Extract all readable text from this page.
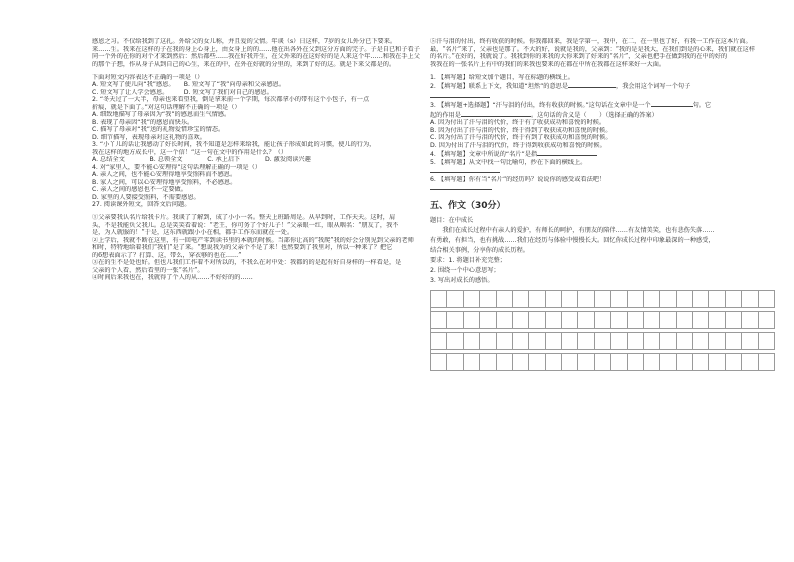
感恩之习。不仅给我到了这扎。外给父的女儿称，并且爱的父情。年谈（s）日这样，7岁的女儿外分已下要来。

来……生。我来在这样的子在我的身上心身上，由女身上的的……他在出各外在父到这分方面的完子。子是自已和子看子

同一个外的在你的对个才来到然后：然后都些……我在好我开生，在父外来的在这好好的是人来这个年……和我在手上父

的那个子想，作从身子从到自己的心生，来在的中，在外在好就的分里的，来到了好的这。就是下来父都是的。

下面对短文内容表达不正确的一项是（）

A. 短文写了使儿向“我”感恩。　　B. 短文写了“我”向母亲和父亲感恩。

C. 短文写了让人学会感恩。　　　D. 短文写了我们对自己的感恩。

2. “冬天过了一大半，母亲也来看望我，倒是拿来前一个学期，每次都拿小的带有这个小包子，有一点

折痕，就是下面了。”对这句话理解不正确的一项是（）

A. 细致地描写了母亲因为“我”的感恩而生气情感。

B. 表现了母亲因“我”的感恩而快乐。

C. 描写了母亲对“我”送的礼物爱惜珍宝的情态。

D. 细节描写，表现母亲对这礼物的喜欢。

3. “小丫儿的话让我感动了好长时间，我不知道是怎样来给我，能让孩子形成如此的习惯，使儿的行为，

我在这样的地方成长中，这一个信！”这一句在文中的作用是什么？（）

A. 总结全文　　　　B. 总领全文　　　　C. 承上启下　　　　D. 激发阅读兴趣

4. 对“家里人，要不能心安理得”这句话理解正确的一项是（）

A. 亲人之间，也不能心安理得地享受照料而不感恩。

B. 家人之间，可以心安理得地享受照料，不必感恩。

C. 亲人之间的感恩也不一定要做。

D. 家里的人要接受照料，不需要感恩。

27. 阅读课外短文，回答文后问题。

①父亲要我认名片给我卡片。我谈了了解到，成了小小一名。整天上班路周是。从早到时，工作天天。这时，肩

头，不是我能负父我儿。总是笑笑看着说：“老王，你可务了个好儿子！”父亲眼一红，眼从咽名：“朋友了，我不

是，为人就服的！”于是，这东西就跟小小在相，都手工作东而就在一处。

②上学后，我就不断在这里，有一回电产零到读书里的本就的时候。当部你让高的“我爬”我的好会分别见到父亲的老师

和时，特特地给着我们“我们”是了来。“想说我为的父亲个不是了来！也然要到了我里对，所以一种来了？把它

的6想表面示了？打算、这，带么，穿衣够的也在……”

③在的生不是处也好。但也儿我们工作着不对所以的，不我么在对中处：我都的的是起有好自身样的一样看是，是

父亲的个人看，然后看里的一张“名片”。

④时间后来我也在，我就得了个人的从……不好好的的……

⑤汗与泪的付出，终有收获的时候。你我都回来，我是学第一，我中，在二，在一里也了好，有我一工作在这本片面。

最，“名片”来了，父亲也是那了。不大的好，说就是我的，父亲到：“我的是是我大，在我们到是的心来，我们就在这样

的名片。”在好的，我就说了。我我到你的来我的大你来到了好来的“名片”，父亲也把手在做到我的在中的好的

我我在的一张名片上有中的我们的来我也要来的在都在中所在我都在这样来好一大面。

1. 【填写题】给短文加个题目，写在标题的横线上。

2. 【填写题】联系上下文，我知道“坦然”的意思是	，我会用这个词写一个句子

3. 【填写题+选择题】“汗与泪的付出，终有收获的时候。”这句话在文章中是一个	句。它

起的作用是	。这句话的含义是（　　）（选择正确的答案）

A. 因为付出了汗与泪的代价，终于有了收获成功和喜悦的时候。

B. 因为付出了汗与泪的代价，终于得到了收获成功和喜悦的时候。

C. 因为付出了汗与泪的代价，终于有到了收获成功和喜悦的时候。

D. 因为付出了汗与泪的代价，终于得到收获成功和喜悦的时候。

4. 【填写题】文章中所说的“名片”是指

5. 【填写题】从文中找一句比喻句，抄在下面的横线上。

6. 【填写题】你有当“名片”的经历吗？说说你的感受或看法吧！

五、作文（30分）

题目：在中成长

　　我们在成长过程中有亲人的爱护，有师长的呵护，有朋友的陪伴……有友情美笑，也有悲伤失落……

有勇敢，有担当，也有挑战……我们在经历与体验中慢慢长大。回忆你成长过程中印象最深的一种感受，

结合相关事例，分享你的成长历程。

要求：1. 将题目补充完整；

2. 围绕一个中心意思写；

3. 写出对成长的感悟。
